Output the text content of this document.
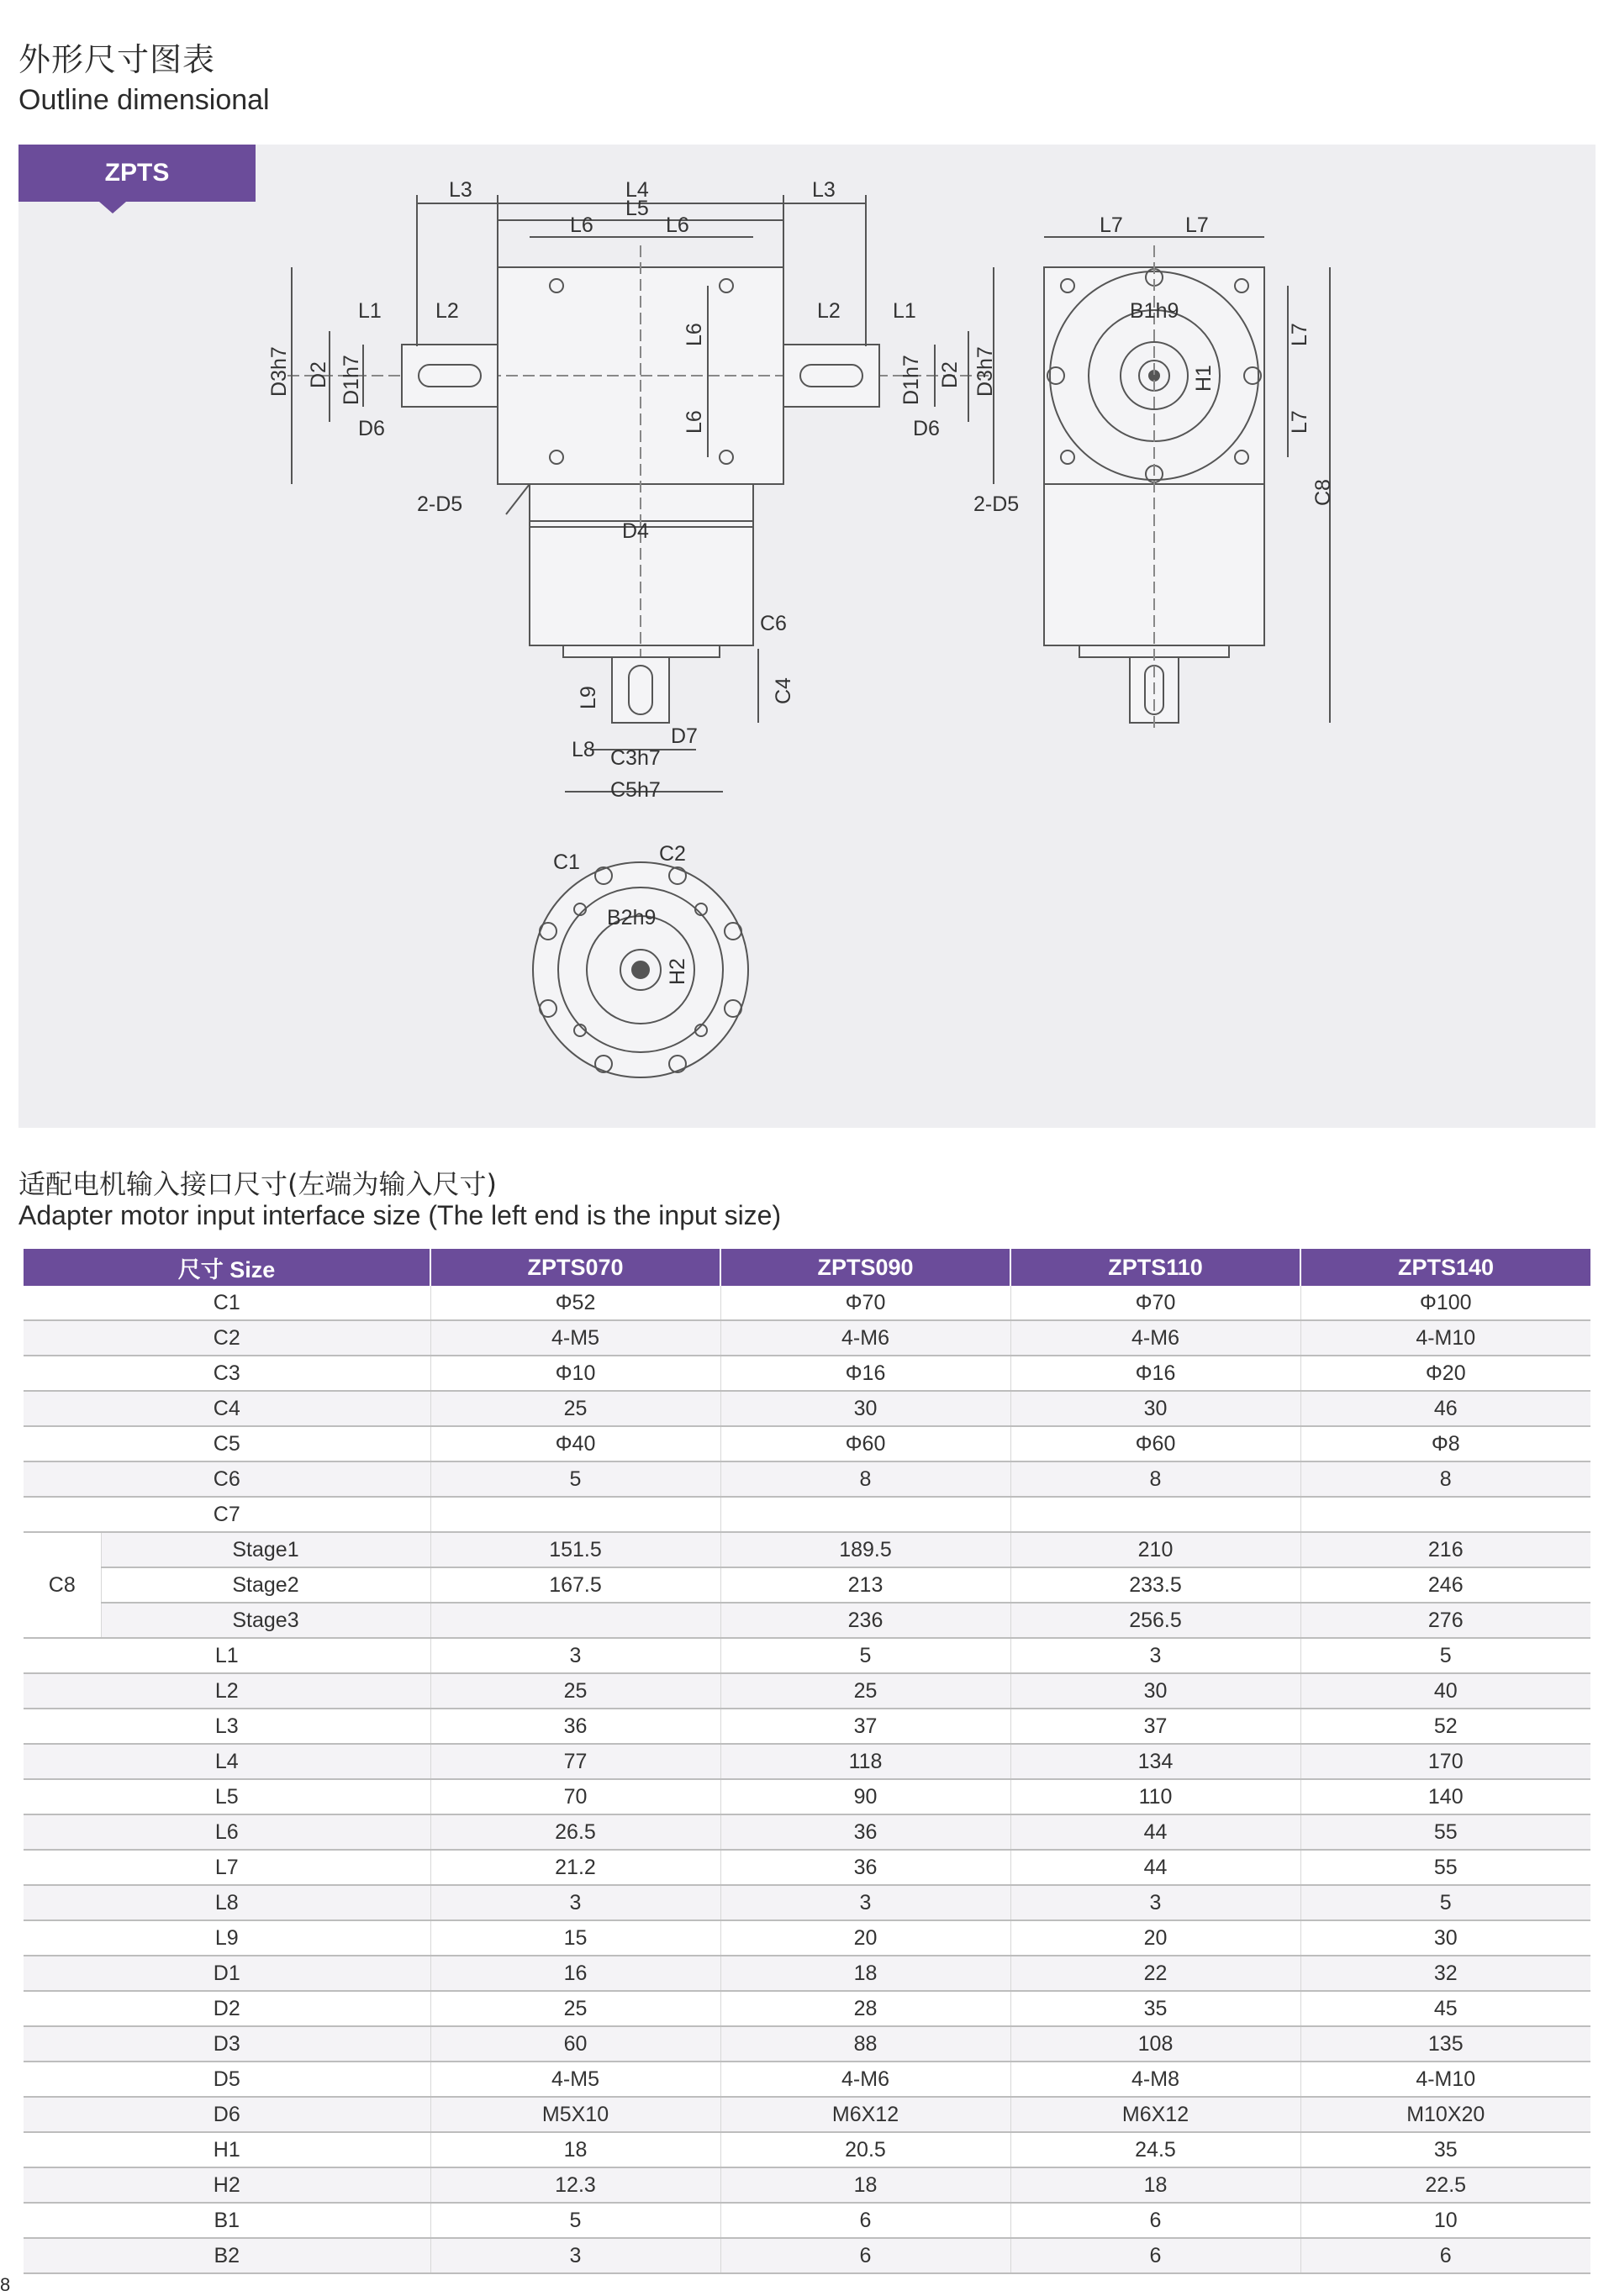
外形尺寸图表
Outline dimensional
L3	L4	L3
L5
L6	L6
L1	L2	L2 L1
D3h7 D2 D1h7
D6	D6
D1h7 D2 D3h7
L6
L6
2-D5
D4
C6
C4
L9
L8
D7
C3h7
C5h7
L7	L7
B1h9
H1
L7
L7
C8
2-D5
C1	C2
B2h9
H2
ZPTS
适配电机输入接口尺寸(左端为输入尺寸)
Adapter motor input interface size (The left end is the input size)
尺寸 Size		ZPTS070	ZPTS090	ZPTS110	ZPTS140
C1		Φ52	Φ70	Φ70	Φ100
C2		4-M5	4-M6	4-M6	4-M10
C3		Φ10	Φ16	Φ16	Φ20
C4		25	30	30	46
C5		Φ40	Φ60	Φ60	Φ8
C6		5	8	8	8
C7					
C8	Stage1	151.5	189.5	210	216
	Stage2	167.5	213	233.5	246
	Stage3		236	256.5	276
L1		3	5	3	5
L2		25	25	30	40
L3		36	37	37	52
L4		77	118	134	170
L5		70	90	110	140
L6		26.5	36	44	55
L7		21.2	36	44	55
L8		3	3	3	5
L9		15	20	20	30
D1		16	18	22	32
D2		25	28	35	45
D3		60	88	108	135
D5		4-M5	4-M6	4-M8	4-M10
D6		M5X10	M6X12	M6X12	M10X20
H1		18	20.5	24.5	35
H2		12.3	18	18	22.5
B1		5	6	6	10
B2		3	6	6	6
8
